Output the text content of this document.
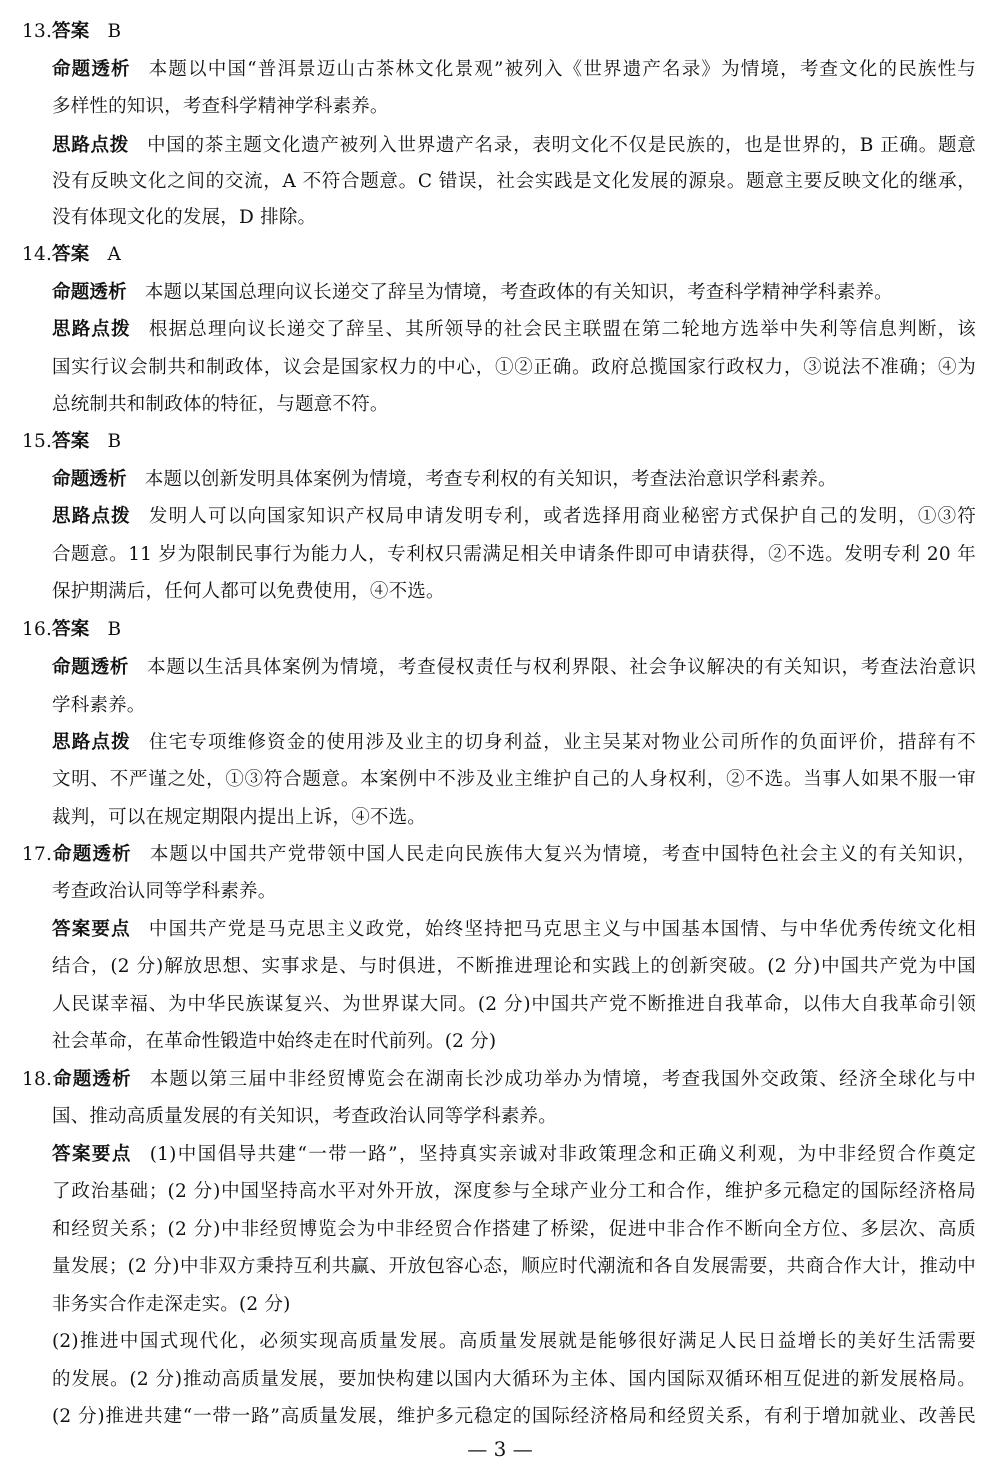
13.答案 B
命题透析 本题以中国“普洱景迈山古茶林文化景观”被列入《世界遗产名录》为情境，考查文化的民族性与
多样性的知识，考查科学精神学科素养。
思路点拨 中国的茶主题文化遗产被列入世界遗产名录，表明文化不仅是民族的，也是世界的，B 正确。题意
没有反映文化之间的交流，A 不符合题意。C 错误，社会实践是文化发展的源泉。题意主要反映文化的继承，
没有体现文化的发展，D 排除。
14.答案 A
命题透析 本题以某国总理向议长递交了辞呈为情境，考查政体的有关知识，考查科学精神学科素养。
思路点拨 根据总理向议长递交了辞呈、其所领导的社会民主联盟在第二轮地方选举中失利等信息判断，该
国实行议会制共和制政体，议会是国家权力的中心，①②正确。政府总揽国家行政权力，③说法不准确；④为
总统制共和制政体的特征，与题意不符。
15.答案 B
命题透析 本题以创新发明具体案例为情境，考查专利权的有关知识，考查法治意识学科素养。
思路点拨 发明人可以向国家知识产权局申请发明专利，或者选择用商业秘密方式保护自己的发明，①③符
合题意。11 岁为限制民事行为能力人，专利权只需满足相关申请条件即可申请获得，②不选。发明专利 20 年
保护期满后，任何人都可以免费使用，④不选。
16.答案 B
命题透析 本题以生活具体案例为情境，考查侵权责任与权利界限、社会争议解决的有关知识，考查法治意识
学科素养。
思路点拨 住宅专项维修资金的使用涉及业主的切身利益，业主吴某对物业公司所作的负面评价，措辞有不
文明、不严谨之处，①③符合题意。本案例中不涉及业主维护自己的人身权利，②不选。当事人如果不服一审
裁判，可以在规定期限内提出上诉，④不选。
17.命题透析 本题以中国共产党带领中国人民走向民族伟大复兴为情境，考查中国特色社会主义的有关知识，
考查政治认同等学科素养。
答案要点 中国共产党是马克思主义政党，始终坚持把马克思主义与中国基本国情、与中华优秀传统文化相
结合，(2 分)解放思想、实事求是、与时俱进，不断推进理论和实践上的创新突破。(2 分)中国共产党为中国
人民谋幸福、为中华民族谋复兴、为世界谋大同。(2 分)中国共产党不断推进自我革命，以伟大自我革命引领
社会革命，在革命性锻造中始终走在时代前列。(2 分)
18.命题透析 本题以第三届中非经贸博览会在湖南长沙成功举办为情境，考查我国外交政策、经济全球化与中
国、推动高质量发展的有关知识，考查政治认同等学科素养。
答案要点 (1)中国倡导共建“一带一路”，坚持真实亲诚对非政策理念和正确义利观，为中非经贸合作奠定
了政治基础；(2 分)中国坚持高水平对外开放，深度参与全球产业分工和合作，维护多元稳定的国际经济格局
和经贸关系；(2 分)中非经贸博览会为中非经贸合作搭建了桥梁，促进中非合作不断向全方位、多层次、高质
量发展；(2 分)中非双方秉持互利共赢、开放包容心态，顺应时代潮流和各自发展需要，共商合作大计，推动中
非务实合作走深走实。(2 分)
(2)推进中国式现代化，必须实现高质量发展。高质量发展就是能够很好满足人民日益增长的美好生活需要
的发展。(2 分)推动高质量发展，要加快构建以国内大循环为主体、国内国际双循环相互促进的新发展格局。
(2 分)推进共建“一带一路”高质量发展，维护多元稳定的国际经济格局和经贸关系，有利于增加就业、改善民
— 3 —
